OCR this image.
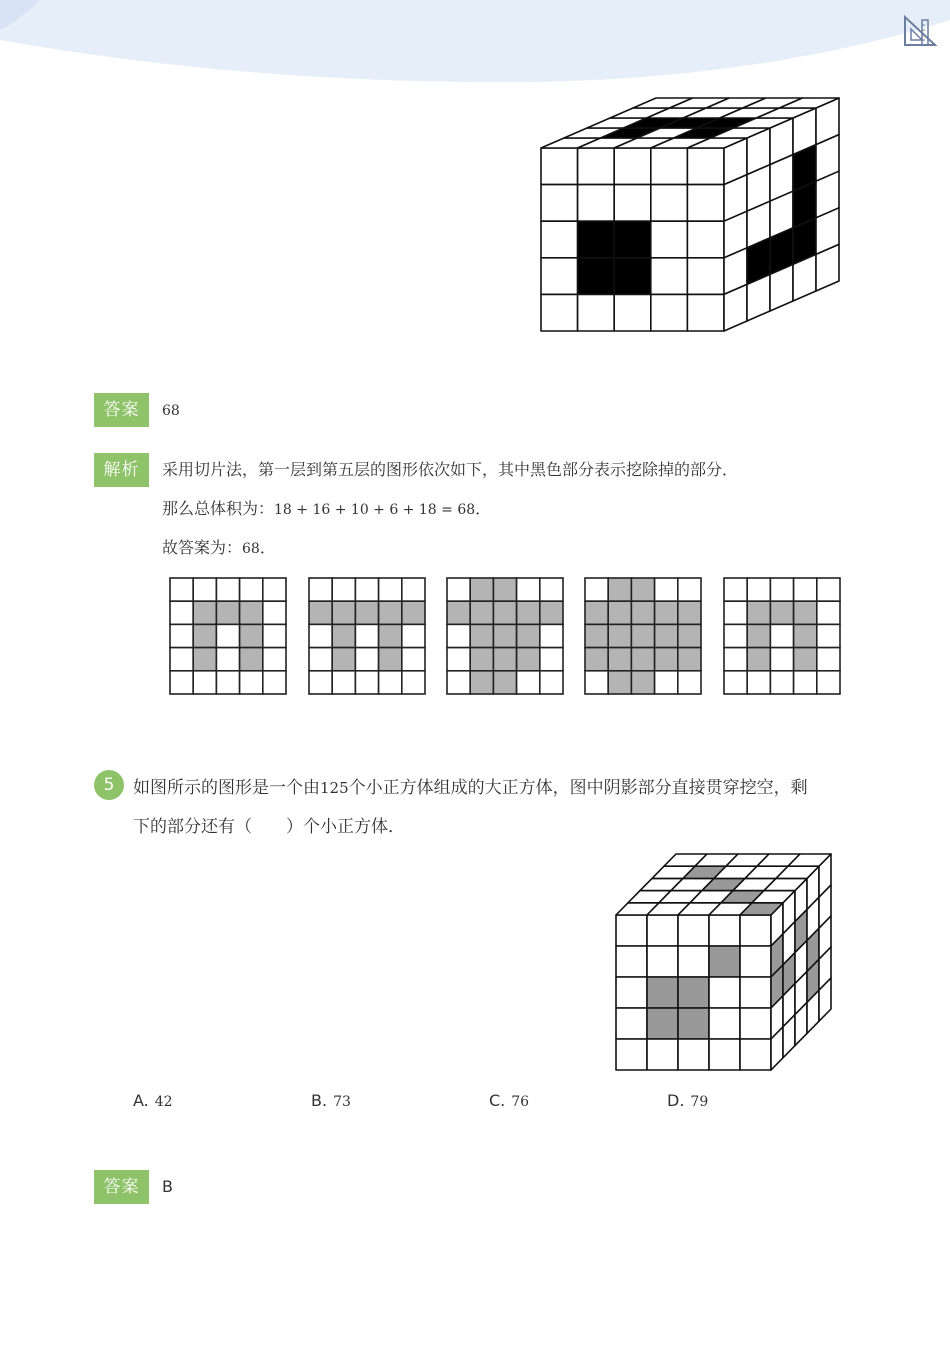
答案	68
解析	采用切片法，第一层到第五层的图形依次如下，其中黑色部分表示挖除掉的部分．
那么总体积为：18 + 16 + 10 + 6 + 18 = 68．
故答案为：68．
5	如图所示的图形是一个由125个小正方体组成的大正方体，图中阴影部分直接贯穿挖空，剩
下的部分还有（　　）个小正方体．
A. 42	B. 73	C. 76	D. 79
答案	B
